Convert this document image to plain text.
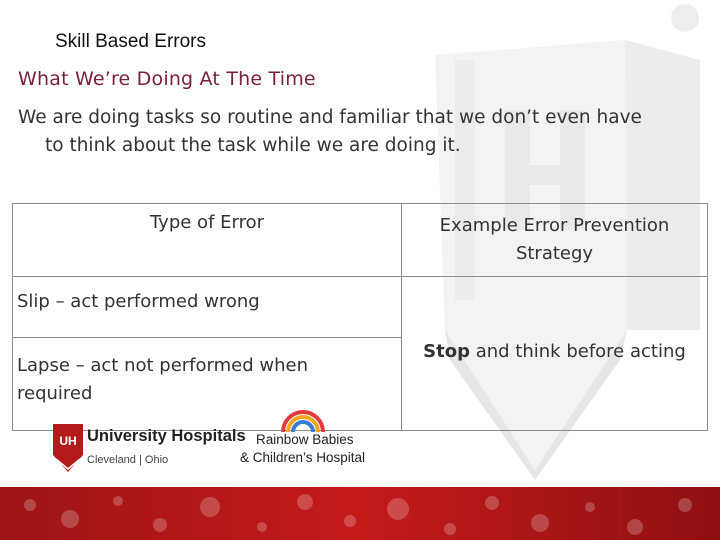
Skill Based Errors
What We’re Doing At The Time
We are doing tasks so routine and familiar that we don’t even have
to think about the task while we are doing it.
Type of Error	Example Error Prevention
Strategy
Slip – act performed wrong	Stop and think before acting
Lapse – act not performed when
required	
UH University Hospitals
Cleveland | Ohio
Rainbow Babies
& Children’s Hospital
